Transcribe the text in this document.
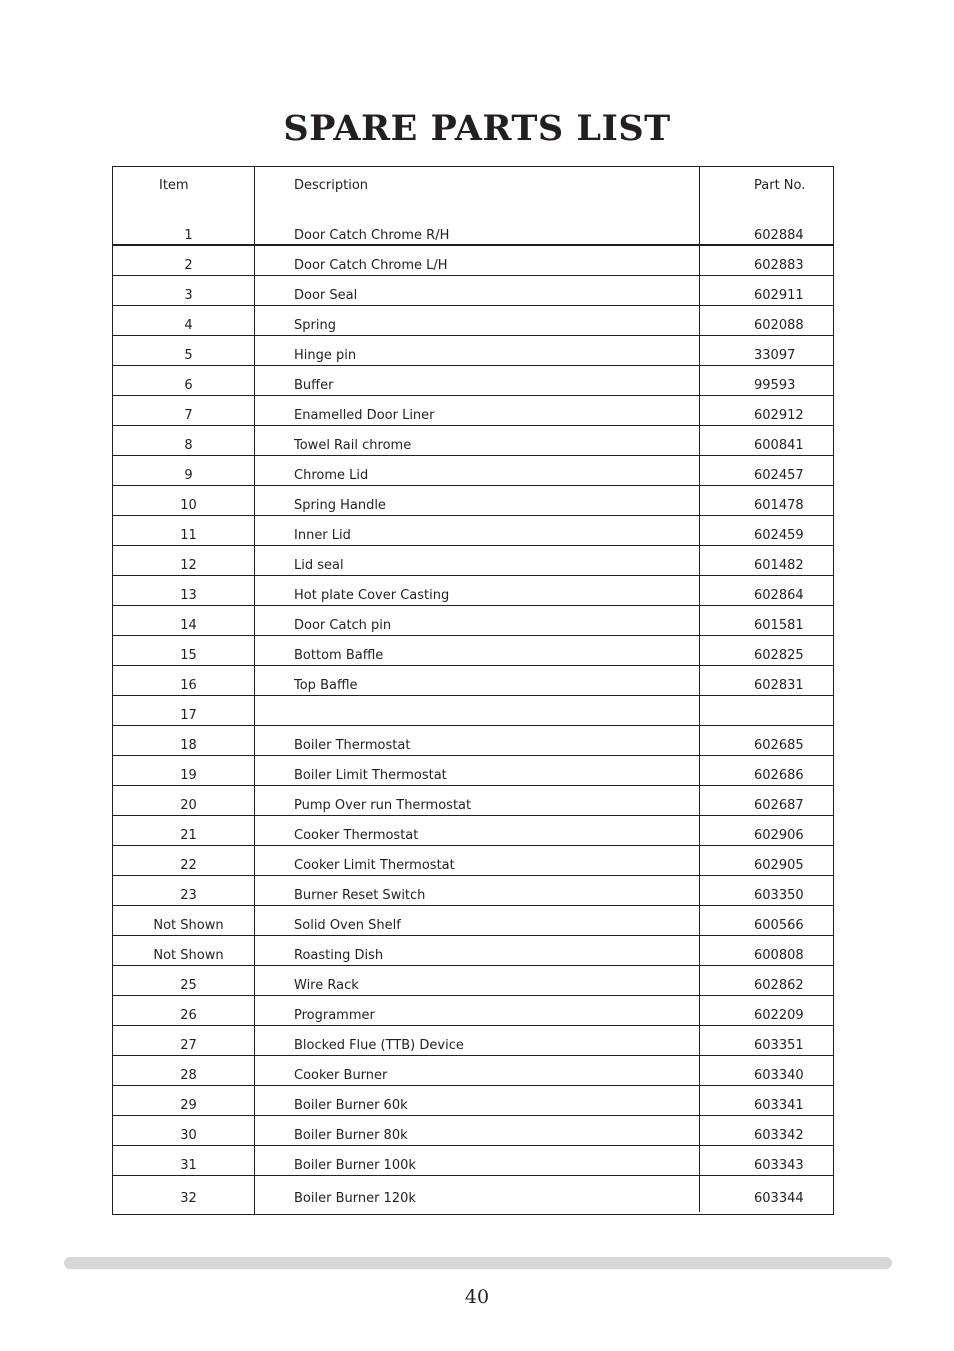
SPARE PARTS LIST
Item	Description	Part No.
1	Door Catch Chrome R/H	602884
2	Door Catch Chrome L/H	602883
3	Door Seal	602911
4	Spring	602088
5	Hinge pin	33097
6	Buffer	99593
7	Enamelled Door Liner	602912
8	Towel Rail chrome	600841
9	Chrome Lid	602457
10	Spring Handle	601478
11	Inner Lid	602459
12	Lid seal	601482
13	Hot plate Cover Casting	602864
14	Door Catch pin	601581
15	Bottom Baffle	602825
16	Top Baffle	602831
17
18	Boiler Thermostat	602685
19	Boiler Limit Thermostat	602686
20	Pump Over run Thermostat	602687
21	Cooker Thermostat	602906
22	Cooker Limit Thermostat	602905
23	Burner Reset Switch	603350
Not Shown	Solid Oven Shelf	600566
Not Shown	Roasting Dish	600808
25	Wire Rack	602862
26	Programmer	602209
27	Blocked Flue (TTB) Device	603351
28	Cooker Burner	603340
29	Boiler Burner 60k	603341
30	Boiler Burner 80k	603342
31	Boiler Burner 100k	603343
32	Boiler Burner 120k	603344
40
